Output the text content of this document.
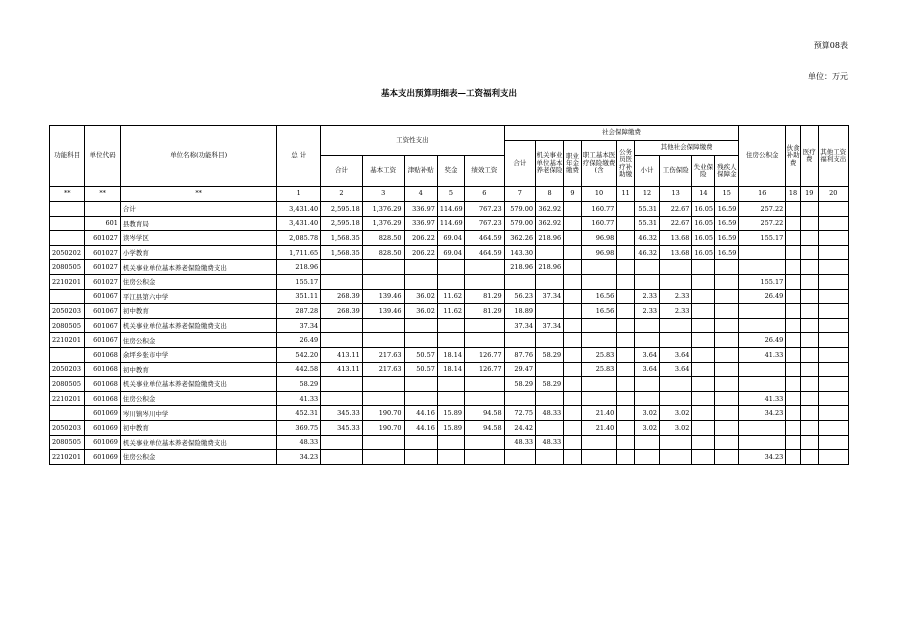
预算08表
单位：万元
基本支出预算明细表—工资福利支出
功能科目	单位代码	单位名称(功能科目)	总 计	工资性支出					社会保障缴费									住房公积金	伙食补助费	医疗费	其他工资福利支出
									合计	机关事业单位基本养老保险	职业年金缴费	职工基本医疗保险缴费(含	公务员医疗补助缴	其他社会保障缴费							
				合计	基本工资	津贴补贴	奖金	绩效工资						小计	工伤保险	失业保险	残疾人保障金				
**	**	**	1	2	3	4	5	6	7	8	9	10	11	12	13	14	15	16	18	19	20
		合计	3,431.40	2,595.18	1,376.29	336.97	114.69	767.23	579.00	362.92		160.77		55.31	22.67	16.05	16.59	257.22			
	601	县教育局	3,431.40	2,595.18	1,376.29	336.97	114.69	767.23	579.00	362.92		160.77		55.31	22.67	16.05	16.59	257.22			
	601027	读岑学区	2,085.78	1,568.35	828.50	206.22	69.04	464.59	362.26	218.96		96.98		46.32	13.68	16.05	16.59	155.17			
2050202	601027	小学教育	1,711.65	1,568.35	828.50	206.22	69.04	464.59	143.30			96.98		46.32	13.68	16.05	16.59				
2080505	601027	机关事业单位基本养老保险缴费支出	218.96						218.96	218.96											
2210201	601027	住房公积金	155.17															155.17			
	601067	平江县第六中学	351.11	268.39	139.46	36.02	11.62	81.29	56.23	37.34		16.56		2.33	2.33			26.49			
2050203	601067	初中教育	287.28	268.39	139.46	36.02	11.62	81.29	18.89			16.56		2.33	2.33						
2080505	601067	机关事业单位基本养老保险缴费支出	37.34						37.34	37.34											
2210201	601067	住房公积金	26.49															26.49			
	601068	余坪乡张市中学	542.20	413.11	217.63	50.57	18.14	126.77	87.76	58.29		25.83		3.64	3.64			41.33			
2050203	601068	初中教育	442.58	413.11	217.63	50.57	18.14	126.77	29.47			25.83		3.64	3.64						
2080505	601068	机关事业单位基本养老保险缴费支出	58.29						58.29	58.29											
2210201	601068	住房公积金	41.33															41.33			
	601069	岑川镇岑川中学	452.31	345.33	190.70	44.16	15.89	94.58	72.75	48.33		21.40		3.02	3.02			34.23			
2050203	601069	初中教育	369.75	345.33	190.70	44.16	15.89	94.58	24.42			21.40		3.02	3.02						
2080505	601069	机关事业单位基本养老保险缴费支出	48.33						48.33	48.33											
2210201	601069	住房公积金	34.23															34.23			
